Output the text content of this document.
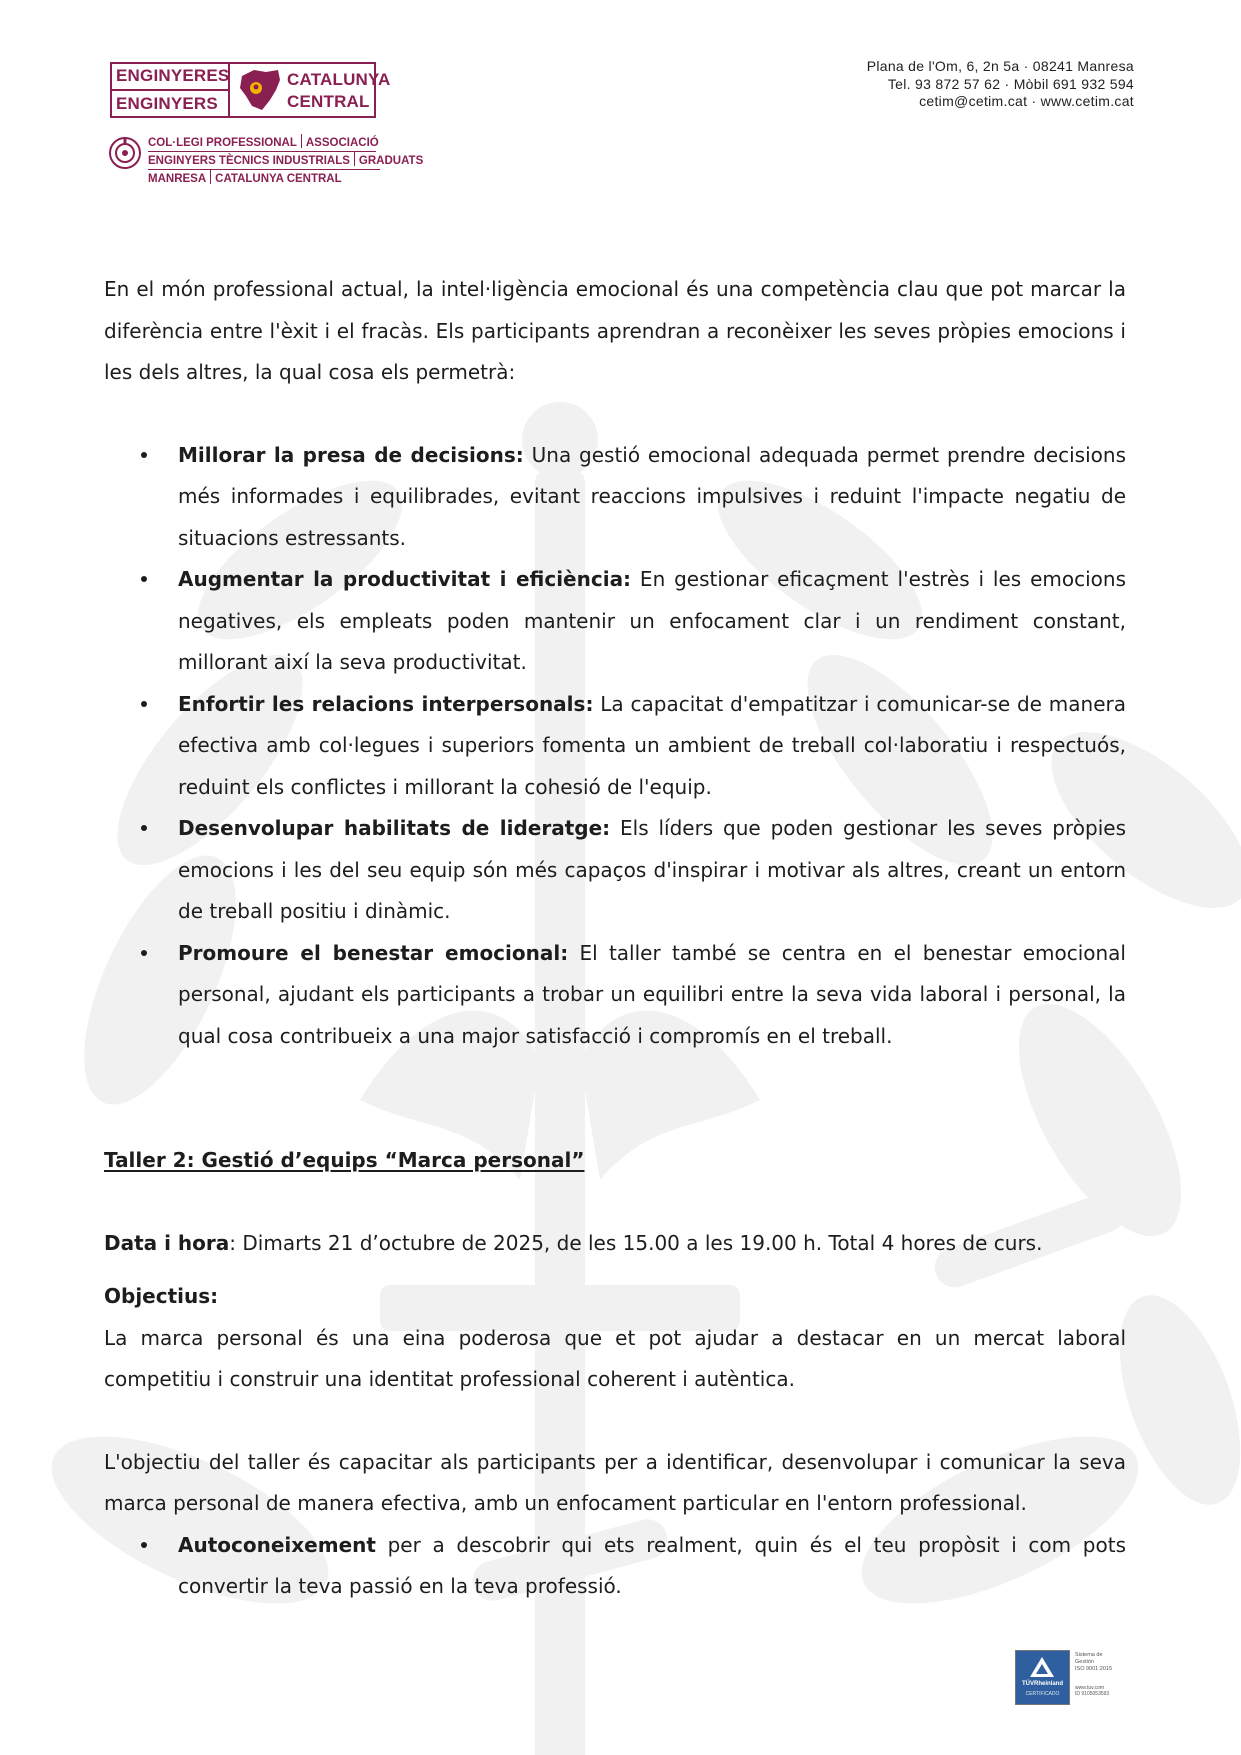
ENGINYERES
ENGINYERS
CATALUNYA
CENTRAL
COL·LEGI PROFESSIONAL ASSOCIACIÓ
ENGINYERS TÈCNICS INDUSTRIALS GRADUATS
MANRESA CATALUNYA CENTRAL
Plana de l'Om, 6, 2n 5a · 08241 Manresa
Tel. 93 872 57 62 · Mòbil 691 932 594
cetim@cetim.cat · www.cetim.cat

En el món professional actual, la intel·ligència emocional és una competència clau que pot marcar la diferència entre l'èxit i el fracàs. Els participants aprendran a reconèixer les seves pròpies emocions i les dels altres, la qual cosa els permetrà:

Millorar la presa de decisions: Una gestió emocional adequada permet prendre decisions més informades i equilibrades, evitant reaccions impulsives i reduint l'impacte negatiu de situacions estressants.
Augmentar la productivitat i eficiència: En gestionar eficaçment l'estrès i les emocions negatives, els empleats poden mantenir un enfocament clar i un rendiment constant, millorant així la seva productivitat.
Enfortir les relacions interpersonals: La capacitat d'empatitzar i comunicar-se de manera efectiva amb col·legues i superiors fomenta un ambient de treball col·laboratiu i respectuós, reduint els conflictes i millorant la cohesió de l'equip.
Desenvolupar habilitats de lideratge: Els líders que poden gestionar les seves pròpies emocions i les del seu equip són més capaços d'inspirar i motivar als altres, creant un entorn de treball positiu i dinàmic.
Promoure el benestar emocional: El taller també se centra en el benestar emocional personal, ajudant els participants a trobar un equilibri entre la seva vida laboral i personal, la qual cosa contribueix a una major satisfacció i compromís en el treball.

Taller 2: Gestió d’equips “Marca personal”

Data i hora: Dimarts 21 d’octubre de 2025, de les 15.00 a les 19.00 h. Total 4 hores de curs.

Objectius:

La marca personal és una eina poderosa que et pot ajudar a destacar en un mercat laboral competitiu i construir una identitat professional coherent i autèntica.

L'objectiu del taller és capacitar als participants per a identificar, desenvolupar i comunicar la seva marca personal de manera efectiva, amb un enfocament particular en l'entorn professional.

Autoconeixement per a descobrir qui ets realment, quin és el teu propòsit i com pots convertir la teva passió en la teva professió.
TÜVRheinland
CERTIFICADO
Sistema de
Gestión
ISO 9001:2015
www.tuv.com
ID 9105053593
